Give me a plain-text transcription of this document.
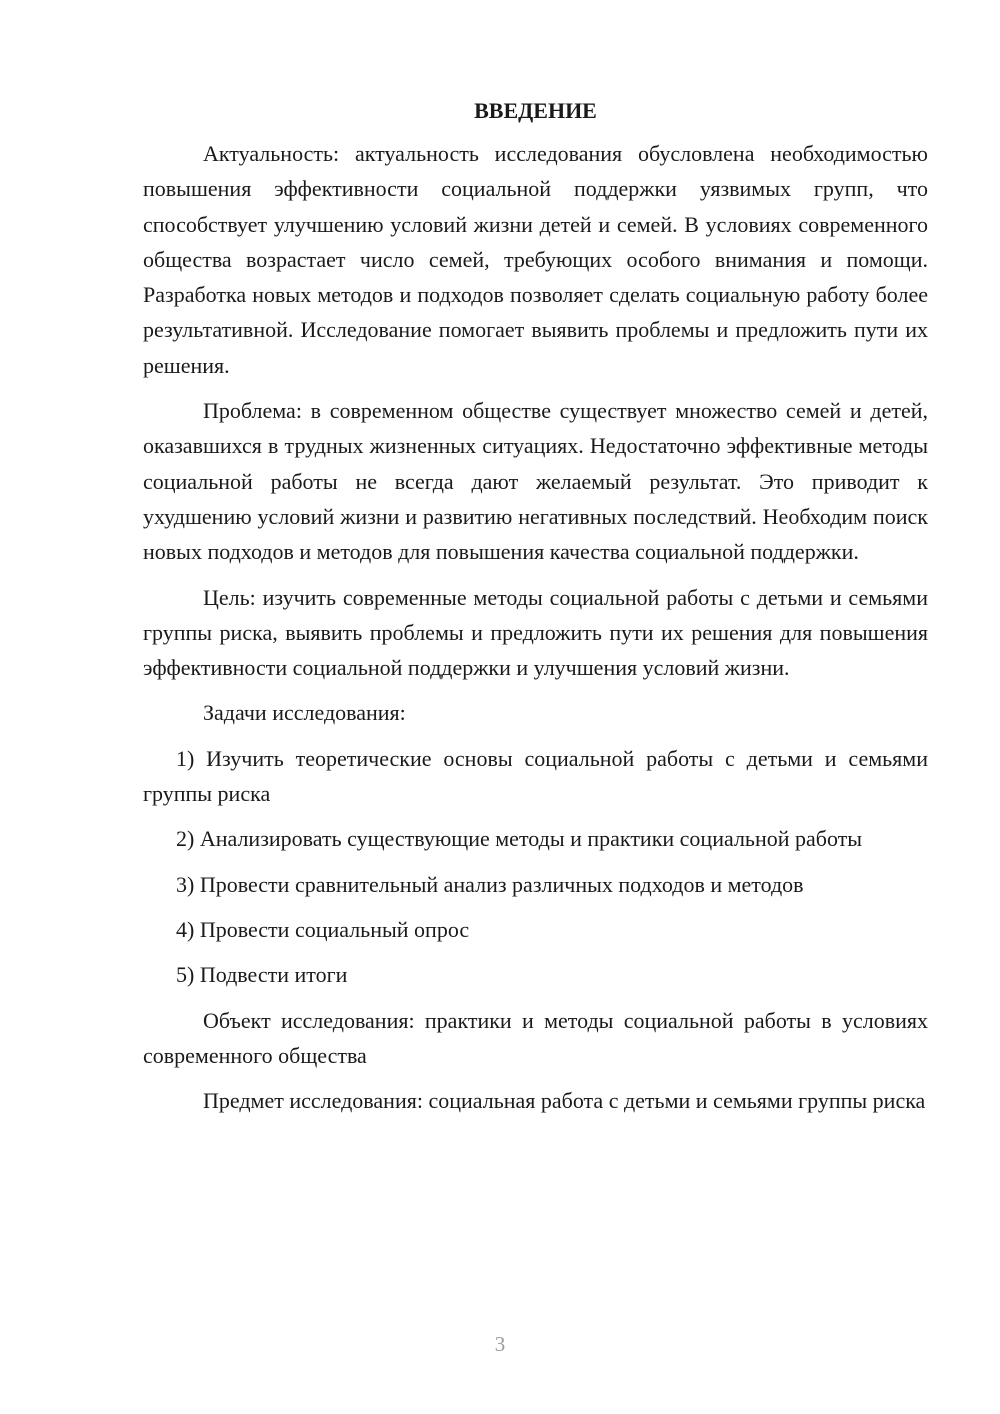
ВВЕДЕНИЕ

Актуальность: актуальность исследования обусловлена необходимостью повышения эффективности социальной поддержки уязвимых групп, что способствует улучшению условий жизни детей и семей. В условиях современного общества возрастает число семей, требующих особого внимания и помощи. Разработка новых методов и подходов позволяет сделать социальную работу более результативной. Исследование помогает выявить проблемы и предложить пути их решения.

Проблема: в современном обществе существует множество семей и детей, оказавшихся в трудных жизненных ситуациях. Недостаточно эффективные методы социальной работы не всегда дают желаемый результат. Это приводит к ухудшению условий жизни и развитию негативных последствий. Необходим поиск новых подходов и методов для повышения качества социальной поддержки.

Цель: изучить современные методы социальной работы с детьми и семьями группы риска, выявить проблемы и предложить пути их решения для повышения эффективности социальной поддержки и улучшения условий жизни.

Задачи исследования:

1) Изучить теоретические основы социальной работы с детьми и семьями группы риска

2) Анализировать существующие методы и практики социальной работы

3) Провести сравнительный анализ различных подходов и методов

4) Провести социальный опрос

5) Подвести итоги

Объект исследования: практики и методы социальной работы в условиях современного общества

Предмет исследования: социальная работа с детьми и семьями группы риска

3
